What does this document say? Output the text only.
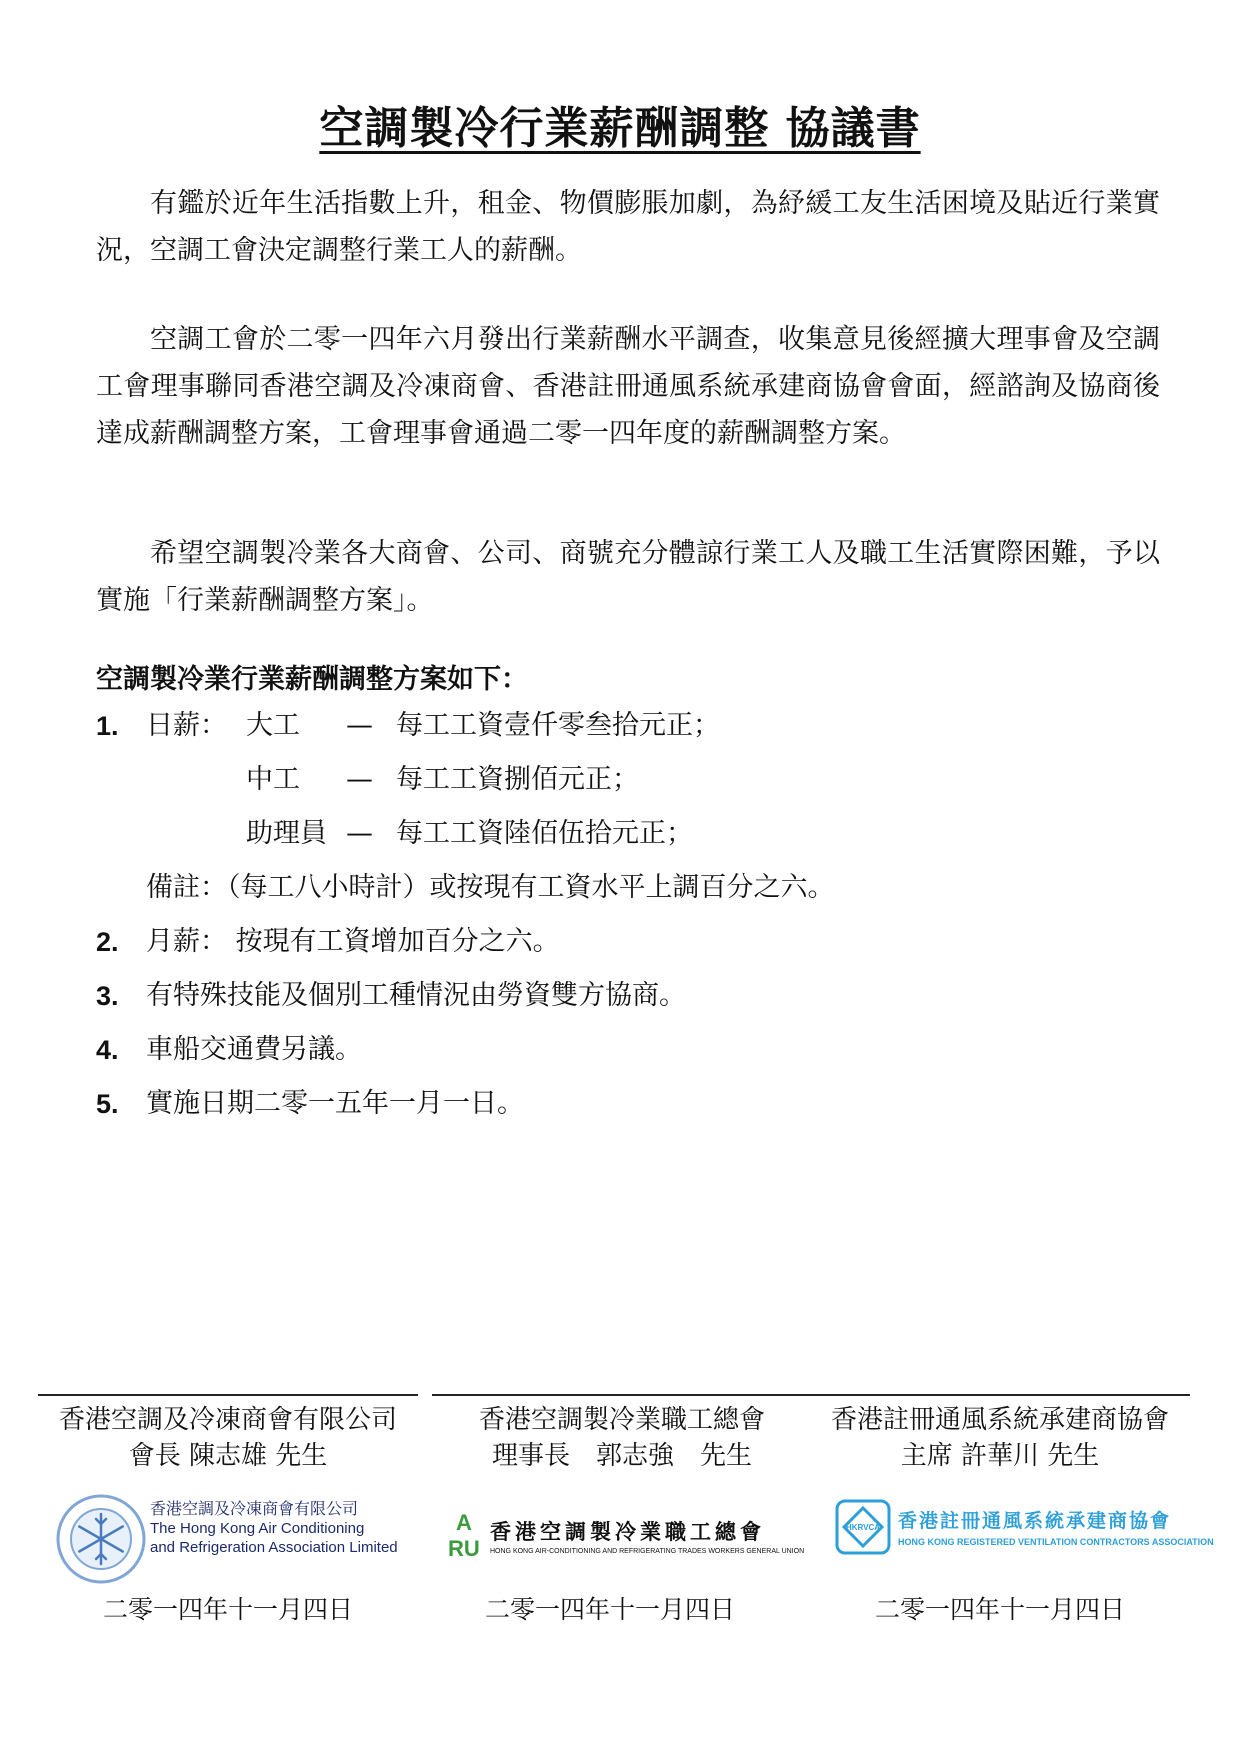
空調製冷行業薪酬調整 協議書

有鑑於近年生活指數上升，租金、物價膨脹加劇，為紓緩工友生活困境及貼近行業實況，空調工會決定調整行業工人的薪酬。

空調工會於二零一四年六月發出行業薪酬水平調查，收集意見後經擴大理事會及空調工會理事聯同香港空調及冷凍商會、香港註冊通風系統承建商協會會面，經諮詢及協商後達成薪酬調整方案，工會理事會通過二零一四年度的薪酬調整方案。

希望空調製冷業各大商會、公司、商號充分體諒行業工人及職工生活實際困難，予以實施「行業薪酬調整方案」。

空調製冷業行業薪酬調整方案如下：
1.	日薪： 大工 — 每工工資壹仟零叁拾元正；
中工 — 每工工資捌佰元正；
助理員 — 每工工資陸佰伍拾元正；
備註：（每工八小時計）或按現有工資水平上調百分之六。
2.	月薪： 按現有工資增加百分之六。
3.	有特殊技能及個別工種情況由勞資雙方協商。
4.	車船交通費另議。
5.	實施日期二零一五年一月一日。
香港空調及冷凍商會有限公司
會長 陳志雄 先生
香港空調製冷業職工總會
理事長　郭志強　先生
香港註冊通風系統承建商協會
主席 許華川 先生
香港空調及冷凍商會有限公司
The Hong Kong Air Conditioning
and Refrigeration Association Limited
A
RU
香港空調製冷業職工總會
HONG KONG AIR-CONDITIONING AND REFRIGERATING TRADES WORKERS GENERAL UNION
HKRVCA 香港註冊通風系統承建商協會
HONG KONG REGISTERED VENTILATION CONTRACTORS ASSOCIATION
二零一四年十一月四日	二零一四年十一月四日	二零一四年十一月四日
